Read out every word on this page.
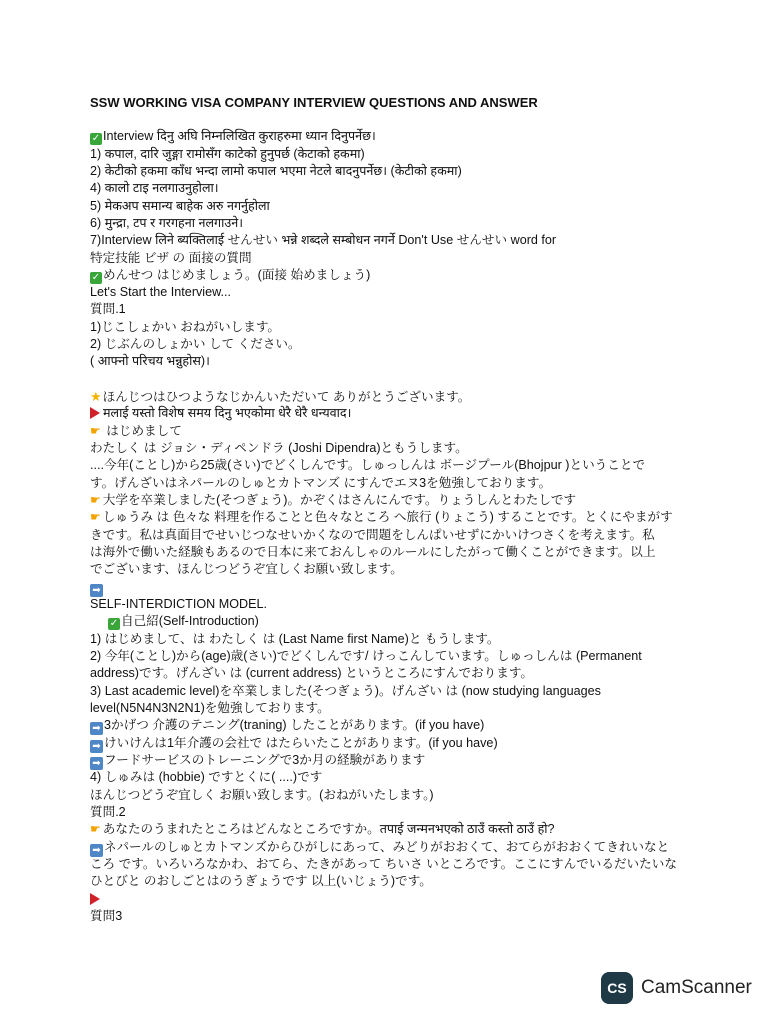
SSW WORKING VISA COMPANY INTERVIEW QUESTIONS AND ANSWER
✓ Interview दिनु अघि निम्नलिखित कुराहरुमा ध्यान दिनुपर्नेछ।
1) कपाल, दारि जुङ्गा रामोसँग काटेको हुनुपर्छ (केटाको हकमा)
2) केटीको हकमा काँध भन्दा लामो कपाल भएमा नेटले बादनुपर्नेछ। (केटीको हकमा)
4) कालो टाइ नलगाउनुहोला।
5) मेकअप समान्य बाहेक अरु नगर्नुहोला
6) मुन्द्रा, टप र गरगहना नलगाउने।
7)Interview लिने ब्यक्तिलाई せんせい भन्ने शब्दले सम्बोधन नगर्ने Don't Use せんせい word for
特定技能 ビザ の 面接の質問
✓ めんせつ はじめましょう。(面接 始めましょう)
Let's Start the Interview...
質問.1
1)じこしょかい おねがいします。
2) じぶんのしょかい して ください。
( आफ्नो परिचय भन्नुहोस)।
★ほんじつはひつようなじかんいただいて ありがとうございます。
मलाई यस्तो विशेष समय दिनु भएकोमा धेरै धेरै धन्यवाद।
☛ はじめまして
わたしく は ジョシ・ディペンドラ (Joshi Dipendra)ともうします。
....今年(ことし)から25歳(さい)でどくしんです。しゅっしんは ボージプール(Bhojpur )ということで
す。げんざいはネパールのしゅとカトマンズ にすんでエヌ3を勉強しております。
☛ 大学を卒業しました(そつぎょう)。かぞくはさんにんです。りょうしんとわたしです
☛ しゅうみ は 色々な 料理を作ることと色々なところ へ旅行 (りょこう) することです。とくにやまがす
きです。私は真面目でせいじつなせいかくなので問題をしんぱいせずにかいけつさくを考えます。私
は海外で働いた経験もあるので日本に来ておんしゃのルールにしたがって働くことができます。以上
でございます、ほんじつどうぞ宜しくお願い致します。
➡
SELF-INTERDICTION MODEL.
✓ 自己紹(Self-Introduction)
1) はじめまして、は わたしく は (Last Name first Name)と もうします。
2) 今年(ことし)から(age)歳(さい)でどくしんです/ けっこんしています。しゅっしんは (Permanent
address)です。げんざい は (current address) というところにすんでおります。
3) Last academic level)を卒業しました(そつぎょう)。げんざい は (now studying languages
level(N5N4N3N2N1)を勉強しております。
➡ 3かげつ 介護のテニング(traning) したことがあります。(if you have)
➡ けいけんは1年介護の会社で はたらいたことがあります。(if you have)
➡ フードサービスのトレーニングで3か月の経験があります
4) しゅみは (hobbie) ですとくに( ....)です
ほんじつどうぞ宜しく お願い致します。(おねがいたします。)
質問.2
☛ あなたのうまれたところはどんなところですか。तपाई जन्मनभएको ठाउँ कस्तो ठाउँ हो?
➡ ネパールのしゅとカトマンズからひがしにあって、みどりがおおくて、おてらがおおくてきれいなと
ころ です。いろいろなかわ、おてら、たきがあって ちいさ いところです。ここにすんでいるだいたいな
ひとびと のおしごとはのうぎょうです 以上(いじょう)です。
質問3
CS CamScanner
